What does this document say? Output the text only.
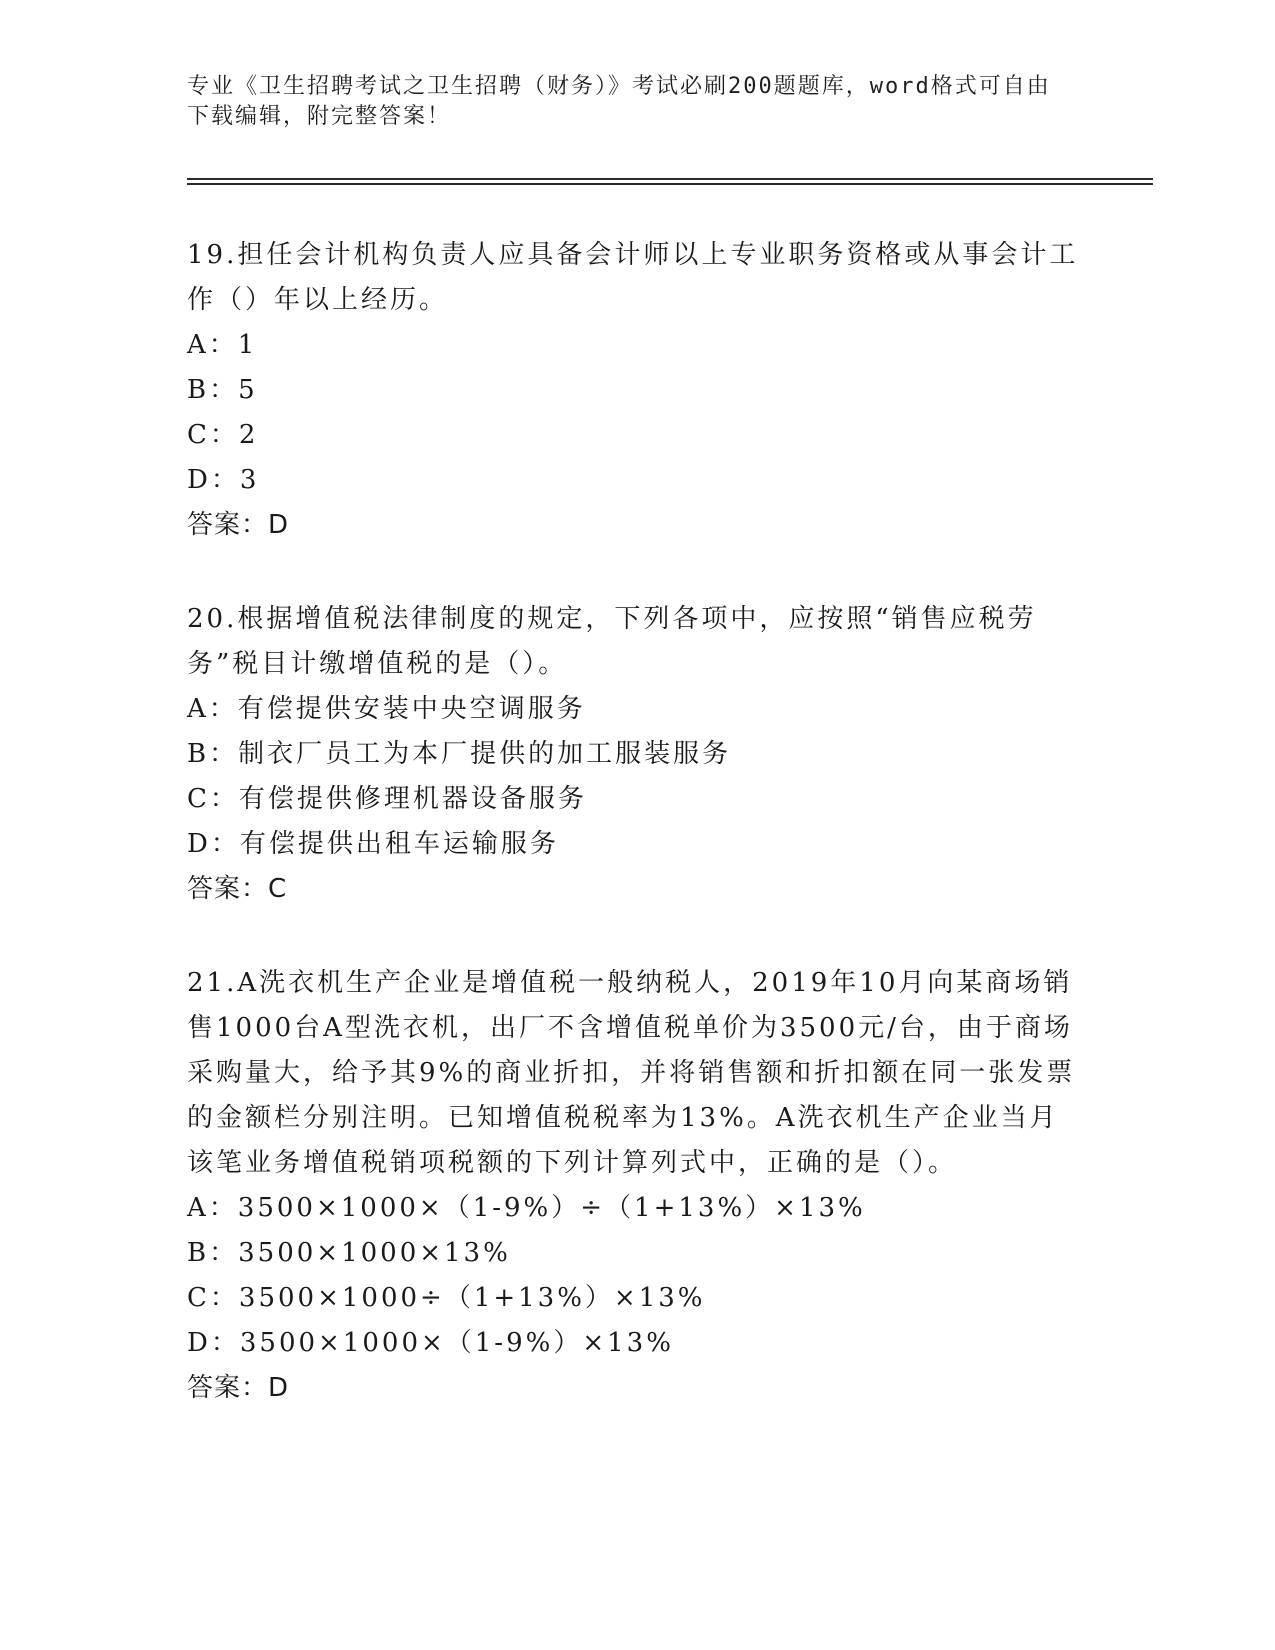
专业《卫生招聘考试之卫生招聘（财务）》考试必刷200题题库，word格式可自由下载编辑，附完整答案！

19.担任会计机构负责人应具备会计师以上专业职务资格或从事会计工作（）年以上经历。

A：1

B：5

C：2

D：3

答案：D

20.根据增值税法律制度的规定，下列各项中，应按照“销售应税劳务”税目计缴增值税的是（）。

A：有偿提供安装中央空调服务

B：制衣厂员工为本厂提供的加工服装服务

C：有偿提供修理机器设备服务

D：有偿提供出租车运输服务

答案：C

21.A洗衣机生产企业是增值税一般纳税人，2019年10月向某商场销售1000台A型洗衣机，出厂不含增值税单价为3500元/台，由于商场采购量大，给予其9%的商业折扣，并将销售额和折扣额在同一张发票的金额栏分别注明。已知增值税税率为13%。A洗衣机生产企业当月该笔业务增值税销项税额的下列计算列式中，正确的是（）。

A：3500×1000×（1-9%）÷（1+13%）×13%

B：3500×1000×13%

C：3500×1000÷（1+13%）×13%

D：3500×1000×（1-9%）×13%

答案：D
